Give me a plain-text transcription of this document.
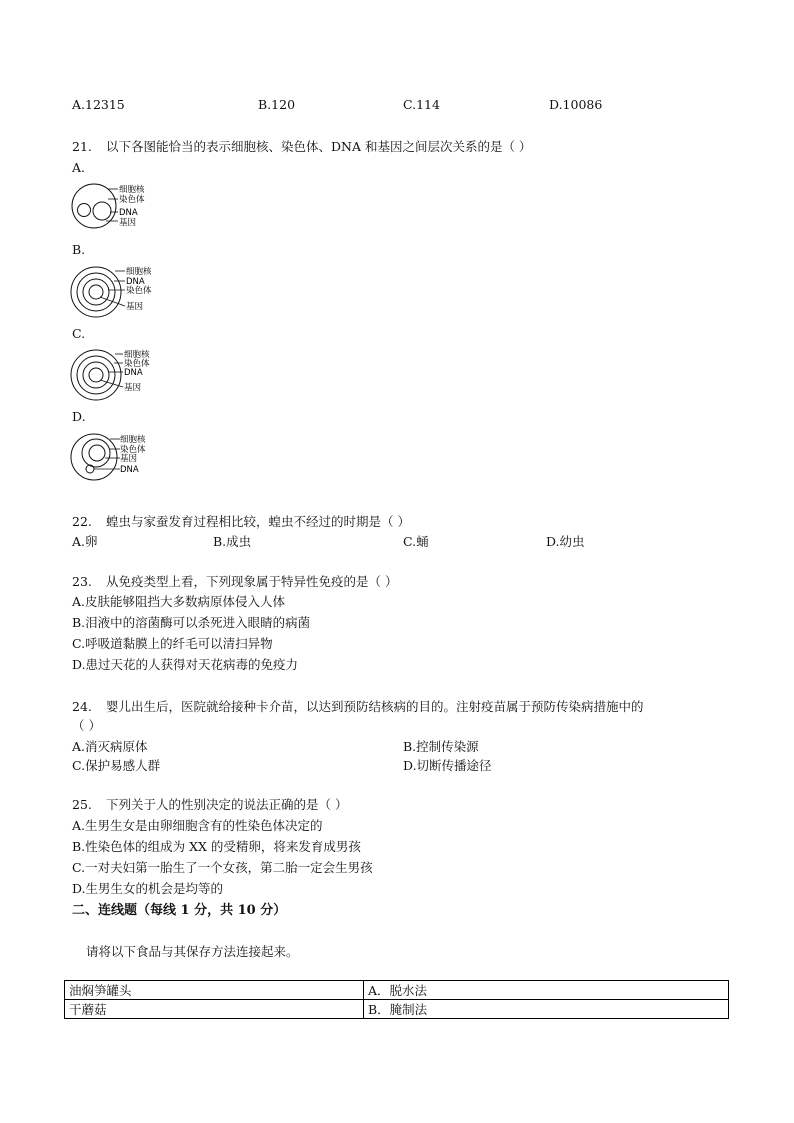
A.12315	B.120	C.114	D.10086
21. 以下各图能恰当的表示细胞核、染色体、DNA 和基因之间层次关系的是（ ）
A.
细胞核
染色体
DNA
基因
B.
细胞核
DNA
染色体
基因
C.
细胞核
染色体
DNA
基因
D.
细胞核
染色体
基因
DNA
22. 蝗虫与家蚕发育过程相比较，蝗虫不经过的时期是（ ）
A.卵	B.成虫	C.蛹	D.幼虫
23. 从免疫类型上看，下列现象属于特异性免疫的是（ ）
A.皮肤能够阻挡大多数病原体侵入人体
B.泪液中的溶菌酶可以杀死进入眼睛的病菌
C.呼吸道黏膜上的纤毛可以清扫异物
D.患过天花的人获得对天花病毒的免疫力
24. 婴儿出生后，医院就给接种卡介苗，以达到预防结核病的目的。注射疫苗属于预防传染病措施中的
（ ）
A.消灭病原体	B.控制传染源
C.保护易感人群	D.切断传播途径
25. 下列关于人的性别决定的说法正确的是（ ）
A.生男生女是由卵细胞含有的性染色体决定的
B.性染色体的组成为 XX 的受精卵，将来发育成男孩
C.一对夫妇第一胎生了一个女孩，第二胎一定会生男孩
D.生男生女的机会是均等的
二、连线题（每线 1 分，共 10 分）
请将以下食品与其保存方法连接起来。
油焖笋罐头	A．脱水法
干蘑菇	B．腌制法
